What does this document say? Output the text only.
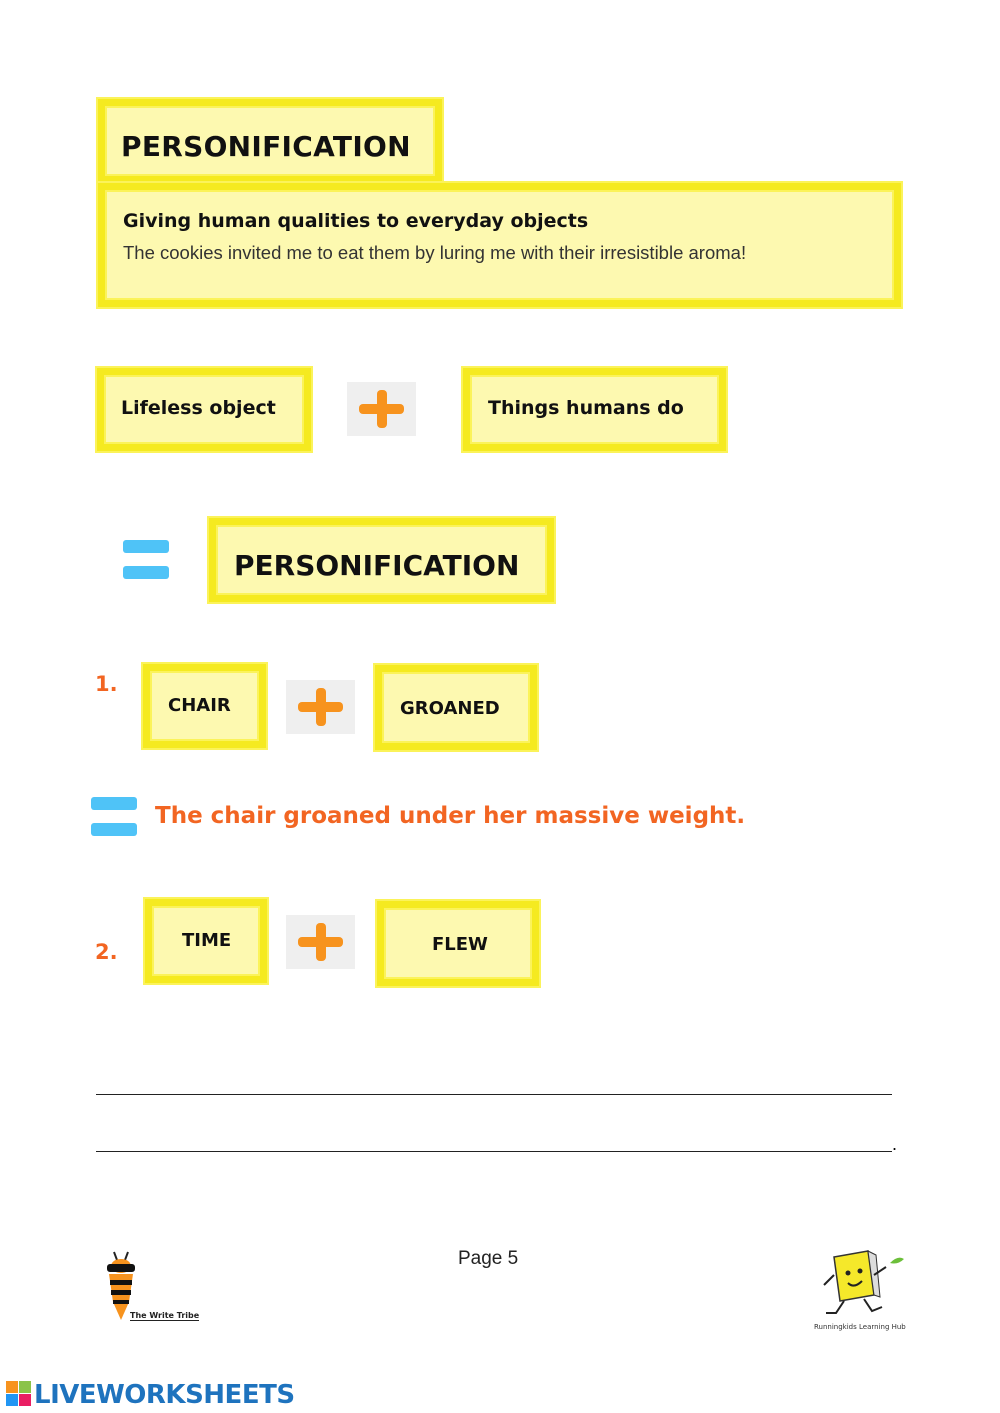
PERSONIFICATION
Giving human qualities to everyday objects
The cookies invited me to eat them by luring me with their irresistible aroma!
Lifeless object	Things humans do
PERSONIFICATION
1.
CHAIR	GROANED
The chair groaned under her massive weight.
2.	TIME	FLEW
.
Page 5
The Write Tribe
Runningkids Learning Hub
LIVEWORKSHEETS
